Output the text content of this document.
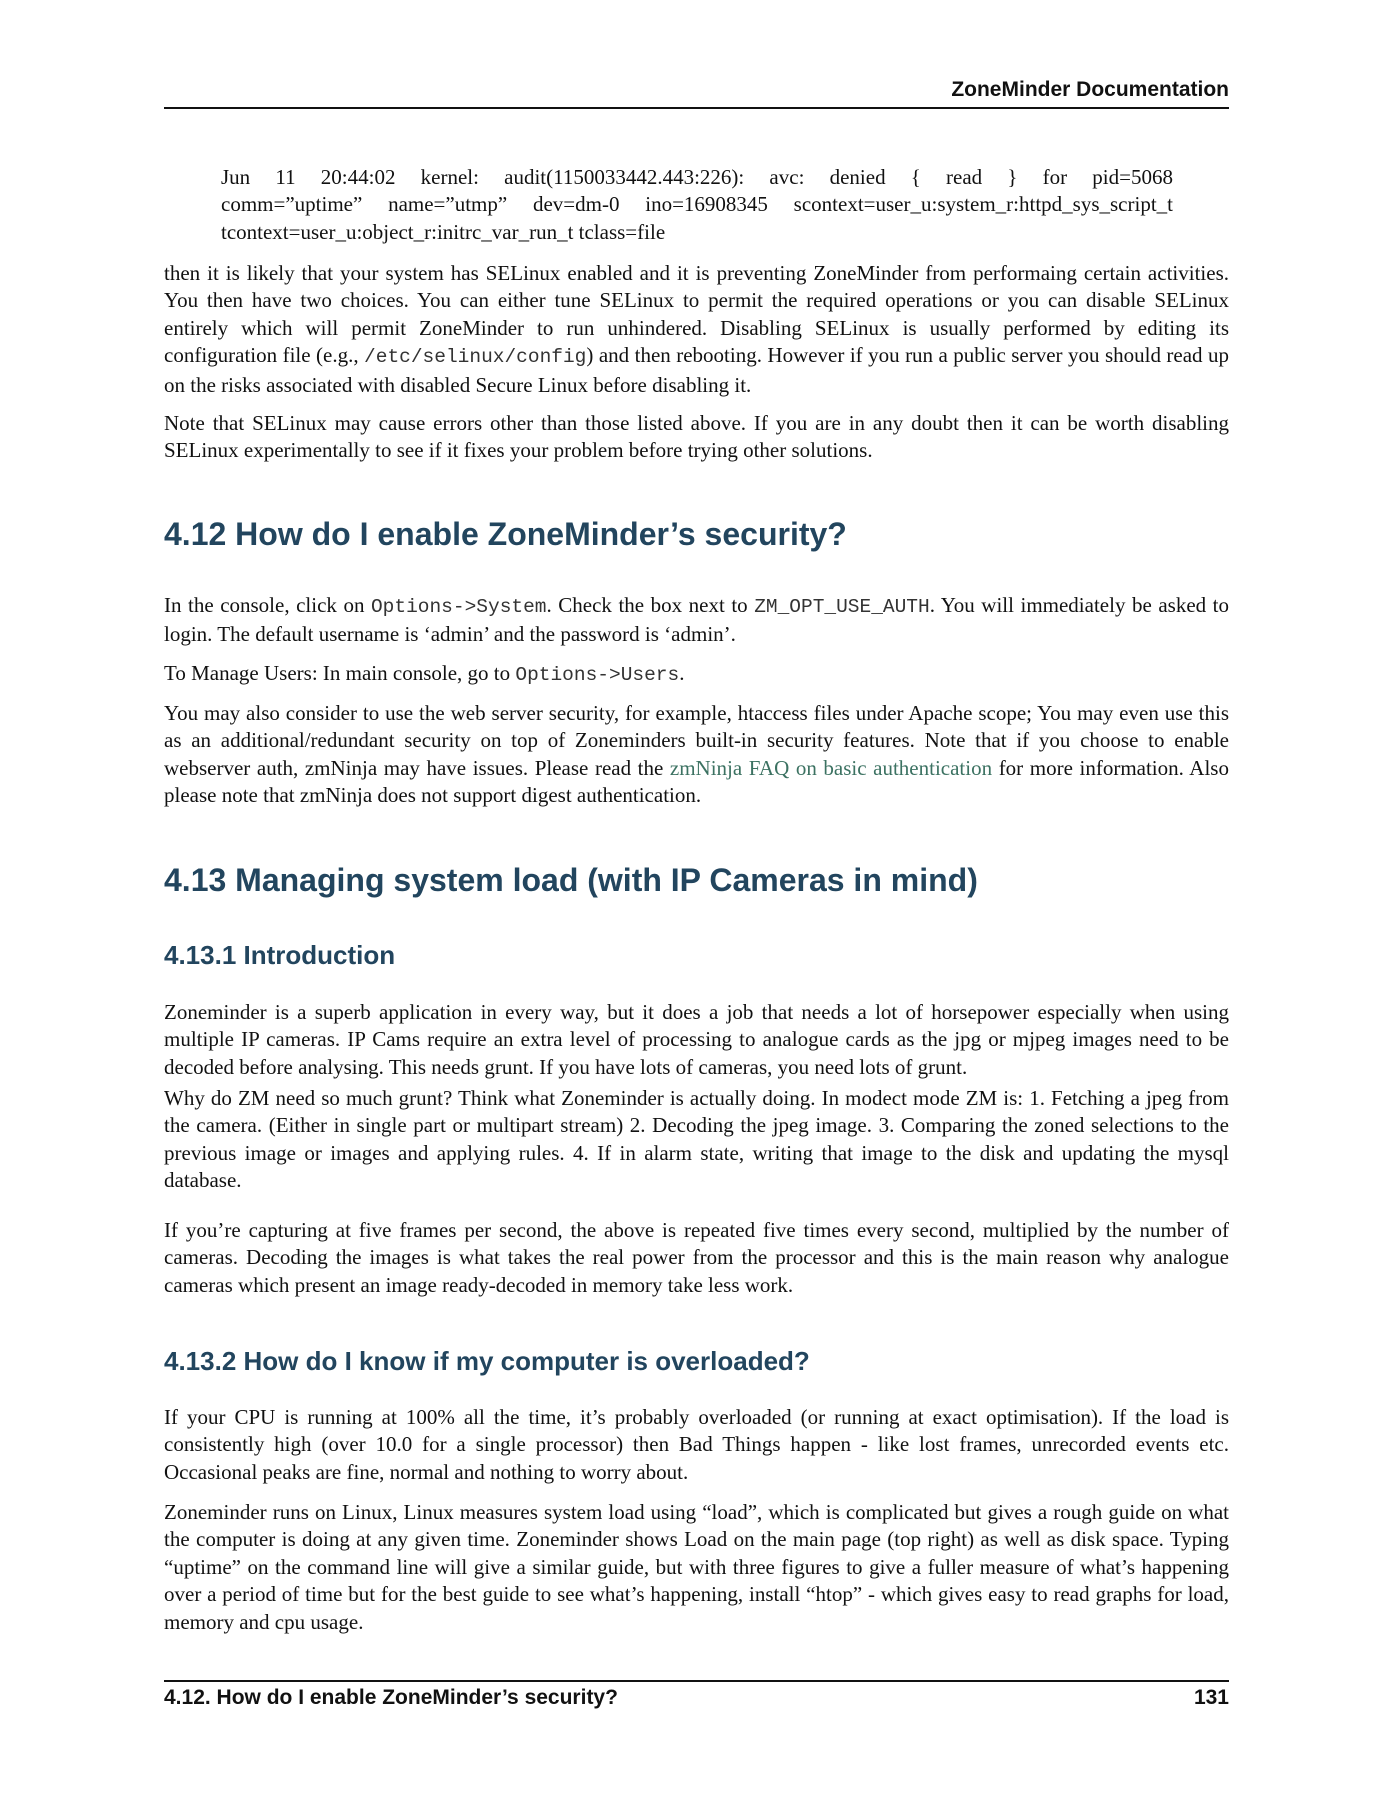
ZoneMinder Documentation
Jun 11 20:44:02 kernel: audit(1150033442.443:226): avc: denied { read } for pid=5068
comm=”uptime” name=”utmp” dev=dm-0 ino=16908345 scontext=user_u:system_r:httpd_sys_script_t
tcontext=user_u:object_r:initrc_var_run_t tclass=file

then it is likely that your system has SELinux enabled and it is preventing ZoneMinder from performaing certain activities. You then have two choices. You can either tune SELinux to permit the required operations or you can disable SELinux entirely which will permit ZoneMinder to run unhindered. Disabling SELinux is usually performed by editing its configuration file (e.g., /etc/selinux/config) and then rebooting. However if you run a public server you should read up on the risks associated with disabled Secure Linux before disabling it.

Note that SELinux may cause errors other than those listed above. If you are in any doubt then it can be worth disabling SELinux experimentally to see if it fixes your problem before trying other solutions.

4.12 How do I enable ZoneMinder’s security?

In the console, click on Options->System. Check the box next to ZM_OPT_USE_AUTH. You will immediately be asked to login. The default username is ‘admin’ and the password is ‘admin’.

To Manage Users: In main console, go to Options->Users.

You may also consider to use the web server security, for example, htaccess files under Apache scope; You may even use this as an additional/redundant security on top of Zoneminders built-in security features. Note that if you choose to enable webserver auth, zmNinja may have issues. Please read the zmNinja FAQ on basic authentication for more information. Also please note that zmNinja does not support digest authentication.

4.13 Managing system load (with IP Cameras in mind)
4.13.1 Introduction

Zoneminder is a superb application in every way, but it does a job that needs a lot of horsepower especially when using multiple IP cameras. IP Cams require an extra level of processing to analogue cards as the jpg or mjpeg images need to be decoded before analysing. This needs grunt. If you have lots of cameras, you need lots of grunt.

Why do ZM need so much grunt? Think what Zoneminder is actually doing. In modect mode ZM is: 1. Fetching a jpeg from the camera. (Either in single part or multipart stream) 2. Decoding the jpeg image. 3. Comparing the zoned selections to the previous image or images and applying rules. 4. If in alarm state, writing that image to the disk and updating the mysql database.

If you’re capturing at five frames per second, the above is repeated five times every second, multiplied by the number of cameras. Decoding the images is what takes the real power from the processor and this is the main reason why analogue cameras which present an image ready-decoded in memory take less work.

4.13.2 How do I know if my computer is overloaded?

If your CPU is running at 100% all the time, it’s probably overloaded (or running at exact optimisation). If the load is consistently high (over 10.0 for a single processor) then Bad Things happen - like lost frames, unrecorded events etc. Occasional peaks are fine, normal and nothing to worry about.

Zoneminder runs on Linux, Linux measures system load using “load”, which is complicated but gives a rough guide on what the computer is doing at any given time. Zoneminder shows Load on the main page (top right) as well as disk space. Typing “uptime” on the command line will give a similar guide, but with three figures to give a fuller measure of what’s happening over a period of time but for the best guide to see what’s happening, install “htop” - which gives easy to read graphs for load, memory and cpu usage.

4.12. How do I enable ZoneMinder’s security?	131
